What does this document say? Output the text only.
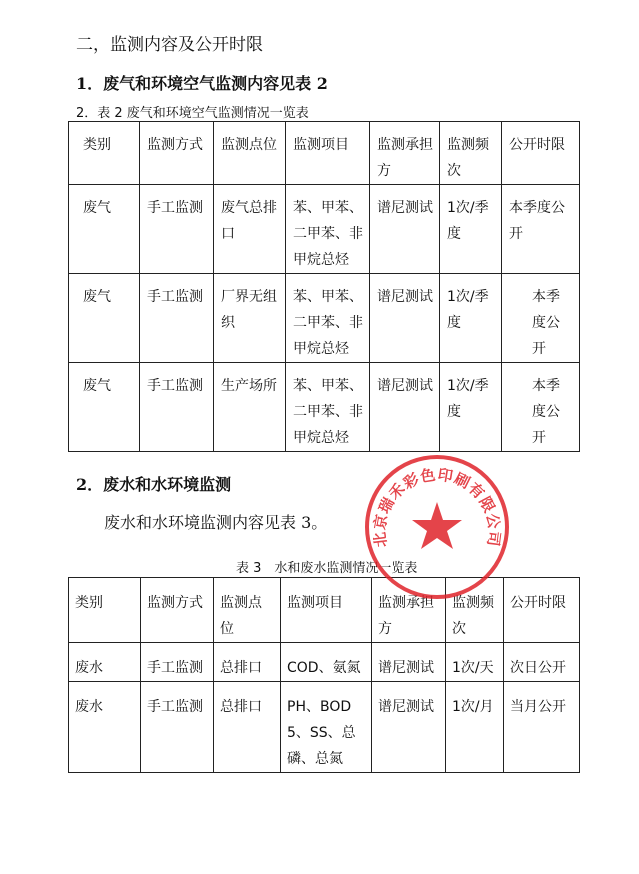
二，监测内容及公开时限
1．废气和环境空气监测内容见表 2
2．表 2 废气和环境空气监测情况一览表
类别	监测方式	监测点位	监测项目	监测承担方	监测频次	公开时限
废气	手工监测	废气总排口	苯、甲苯、二甲苯、非甲烷总烃	谱尼测试	1次/季度	本季度公开
废气	手工监测	厂界无组织	苯、甲苯、二甲苯、非甲烷总烃	谱尼测试	1次/季度	本季度公开
废气	手工监测	生产场所	苯、甲苯、二甲苯、非甲烷总烃	谱尼测试	1次/季度	本季度公开
2．废水和水环境监测
废水和水环境监测内容见表 3。
表 3　水和废水监测情况一览表
类别	监测方式	监测点位	监测项目	监测承担方	监测频次	公开时限
废水	手工监测	总排口	COD、氨氮	谱尼测试	1次/天	次日公开
废水	手工监测	总排口	PH、BOD5、SS、总磷、总氮	谱尼测试	1次/月	当月公开
北京瑞禾彩色印刷有限公司
